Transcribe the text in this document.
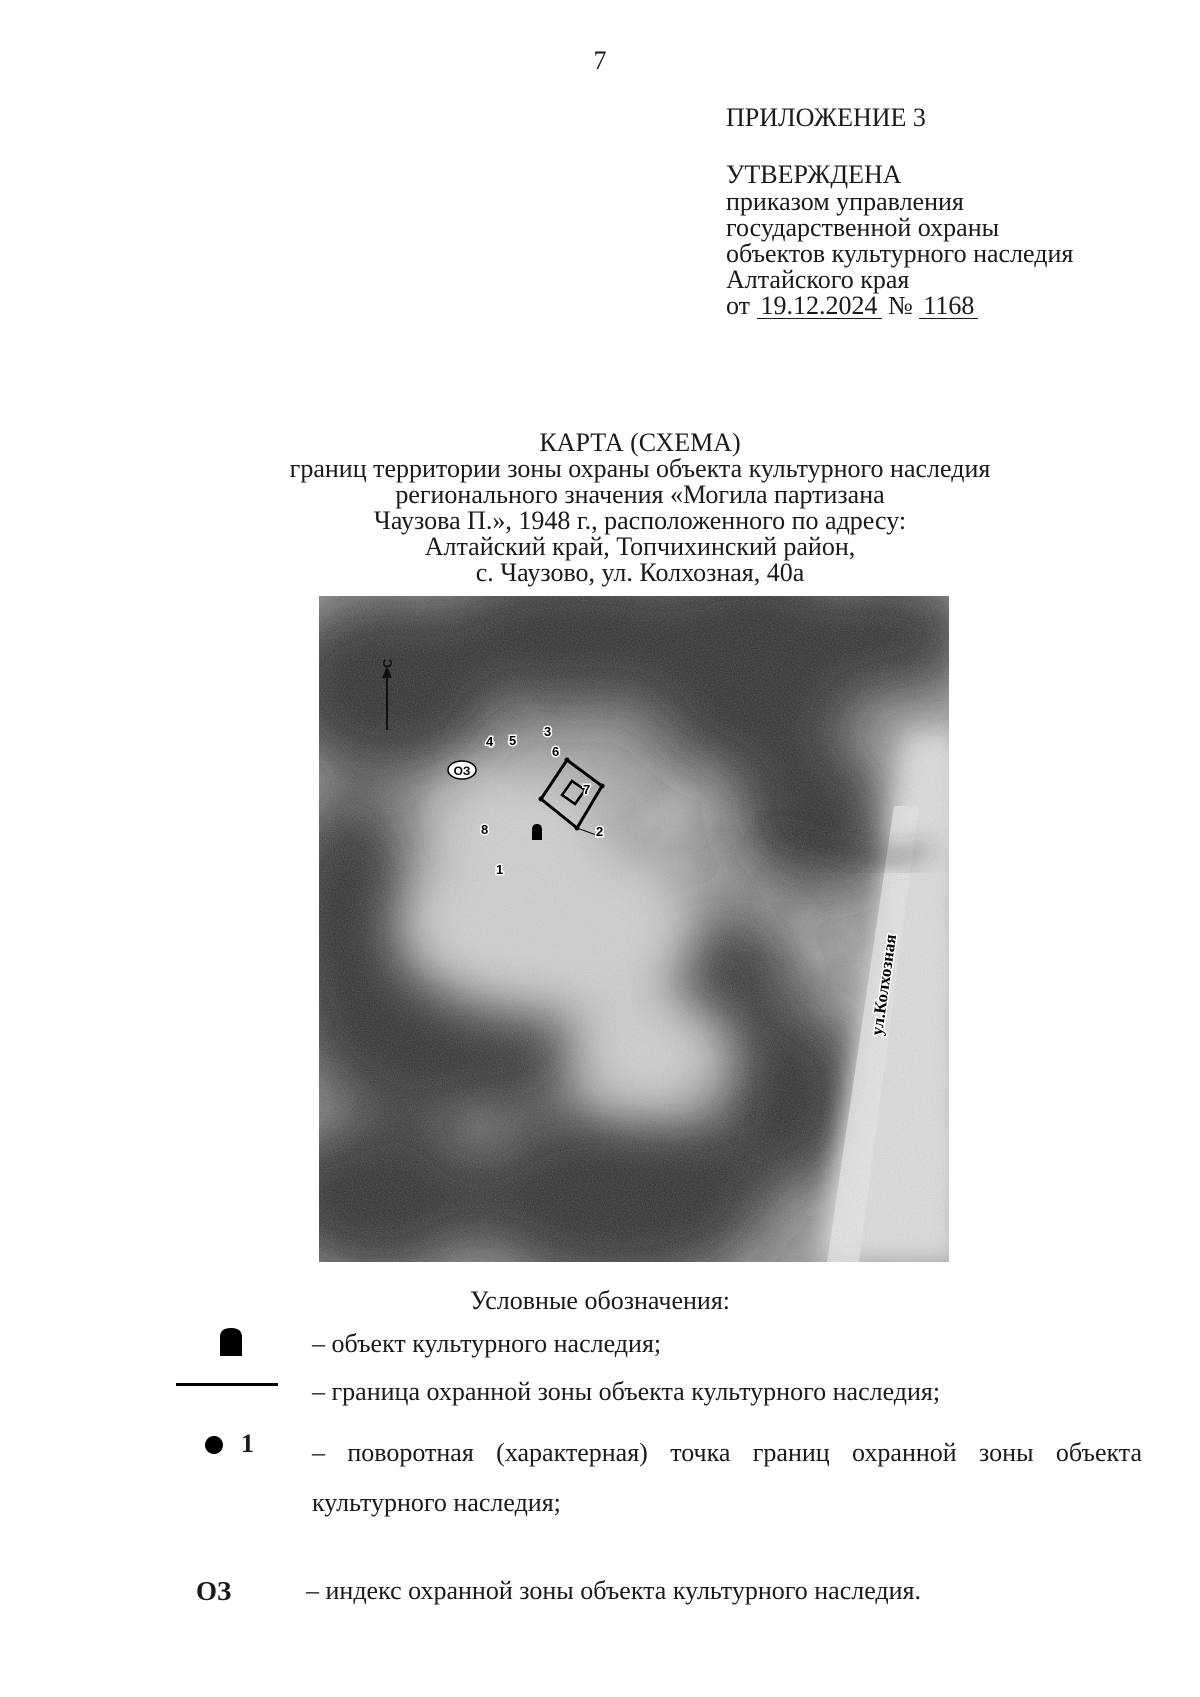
7
ПРИЛОЖЕНИЕ 3
УТВЕРЖДЕНА
приказом управления
государственной охраны
объектов культурного наследия
Алтайского края
от 19.12.2024 № 1168
КАРТА (СХЕМА)
границ территории зоны охраны объекта культурного наследия
регионального значения «Могила партизана
Чаузова П.», 1948 г., расположенного по адресу:
Алтайский край, Топчихинский район,
с. Чаузово, ул. Колхозная, 40а
С
1
2
3
4 5
6
7
8
ОЗ
ул.Колхозная
Условные обозначения:
– объект культурного наследия;
– граница охранной зоны объекта культурного наследия;
1 – поворотная (характерная) точка границ охранной зоны объекта культурного наследия;
ОЗ	– индекс охранной зоны объекта культурного наследия.
